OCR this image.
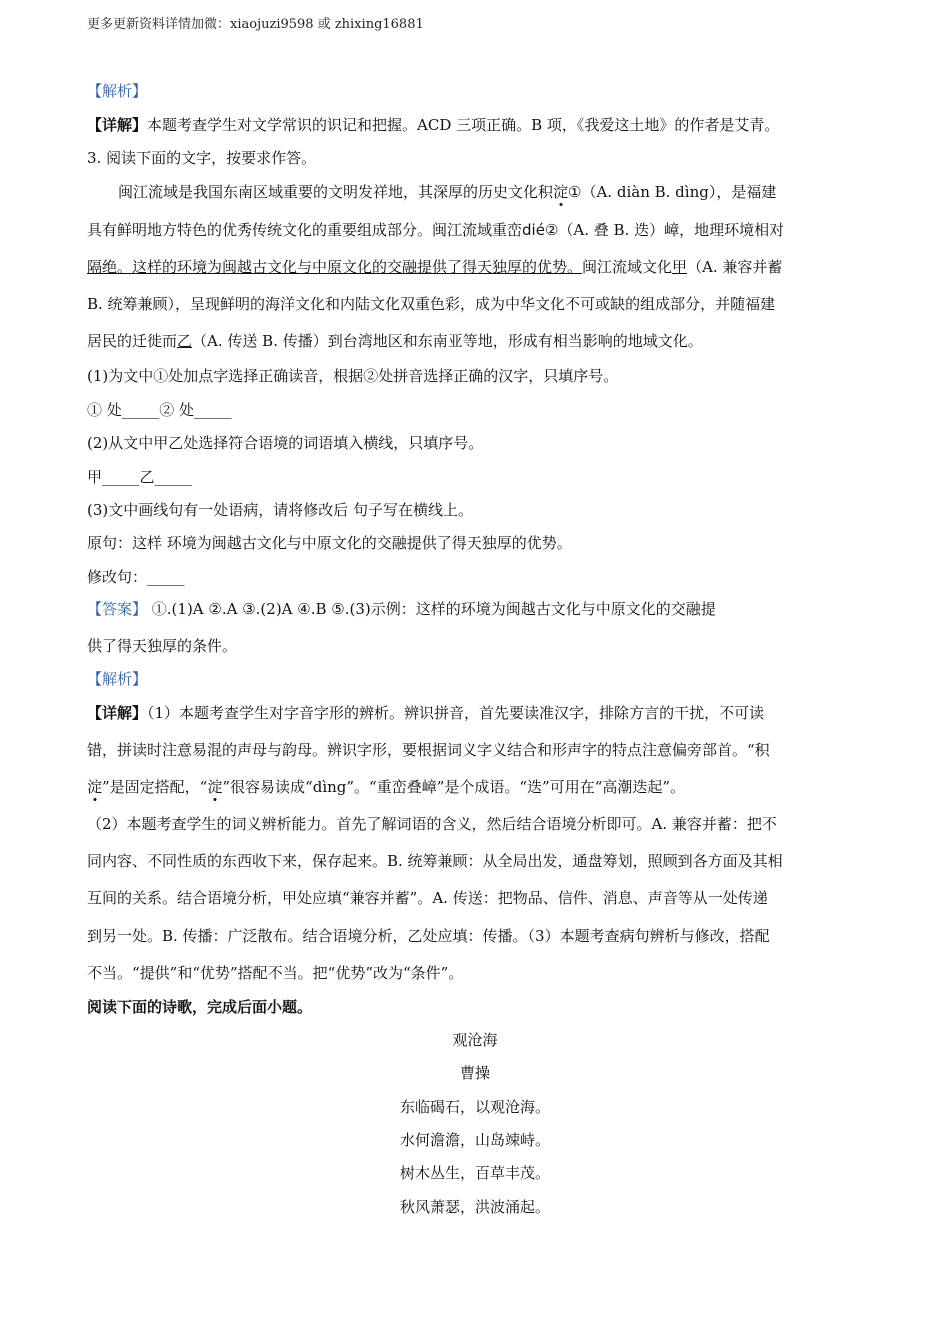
更多更新资料详情加微：xiaojuzi9598 或 zhixing16881
【解析】
【详解】本题考查学生对文学常识的识记和把握。ACD 三项正确。B 项，《我爱这土地》的作者是艾青。
3. 阅读下面的文字，按要求作答。
闽江流域是我国东南区域重要的文明发祥地，其深厚的历史文化积淀①（A. diàn B. dìng），是福建
具有鲜明地方特色的优秀传统文化的重要组成部分。闽江流域重峦dié②（A. 叠 B. 迭）嶂，地理环境相对
隔绝。这样的环境为闽越古文化与中原文化的交融提供了得天独厚的优势。闽江流域文化甲（A. 兼容并蓄
B. 统筹兼顾），呈现鲜明的海洋文化和内陆文化双重色彩，成为中华文化不可或缺的组成部分，并随福建
居民的迁徙而乙（A. 传送 B. 传播）到台湾地区和东南亚等地，形成有相当影响的地域文化。
(1)为文中①处加点字选择正确读音，根据②处拼音选择正确的汉字，只填序号。
① 处_____② 处_____
(2)从文中甲乙处选择符合语境的词语填入横线，只填序号。
甲_____乙_____
(3)文中画线句有一处语病，请将修改后 句子写在横线上。
原句：这样 环境为闽越古文化与中原文化的交融提供了得天独厚的优势。
修改句：_____
【答案】 ①.(1)A ②.A ③.(2)A ④.B ⑤.(3)示例：这样的环境为闽越古文化与中原文化的交融提
供了得天独厚的条件。
【解析】
【详解】（1）本题考查学生对字音字形的辨析。辨识拼音，首先要读准汉字，排除方言的干扰，不可读
错，拼读时注意易混的声母与韵母。辨识字形，要根据词义字义结合和形声字的特点注意偏旁部首。“积
淀”是固定搭配，“淀”很容易读成“dìng”。“重峦叠嶂”是个成语。“迭”可用在“高潮迭起”。
（2）本题考查学生的词义辨析能力。首先了解词语的含义，然后结合语境分析即可。A. 兼容并蓄：把不
同内容、不同性质的东西收下来，保存起来。B. 统筹兼顾：从全局出发，通盘筹划，照顾到各方面及其相
互间的关系。结合语境分析，甲处应填“兼容并蓄”。A. 传送：把物品、信件、消息、声音等从一处传递
到另一处。B. 传播：广泛散布。结合语境分析，乙处应填：传播。（3）本题考查病句辨析与修改，搭配
不当。“提供”和“优势”搭配不当。把“优势”改为“条件”。
阅读下面的诗歌，完成后面小题。
观沧海
曹操
东临碣石，以观沧海。
水何澹澹，山岛竦峙。
树木丛生，百草丰茂。
秋风萧瑟，洪波涌起。
